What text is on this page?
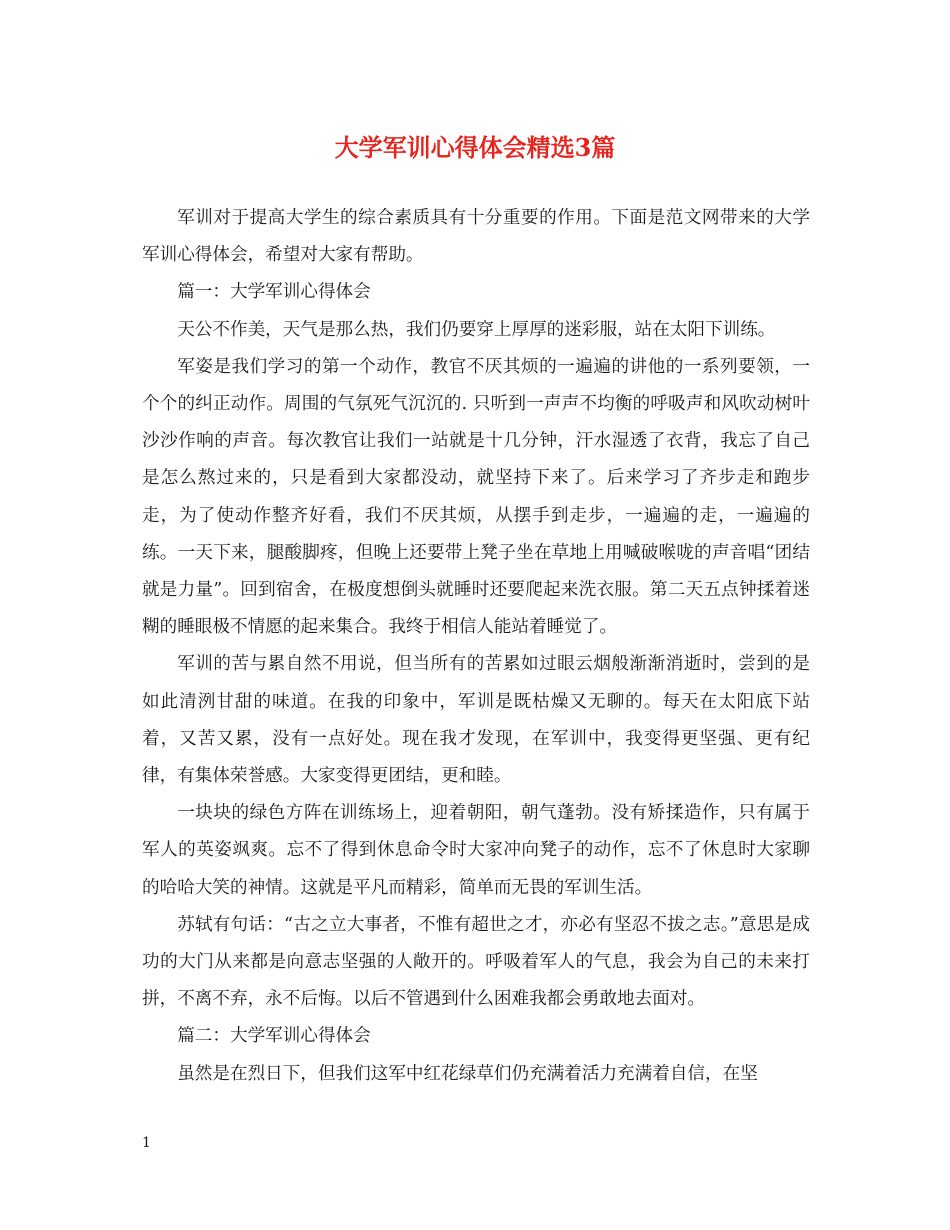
大学军训心得体会精选3篇

军训对于提高大学生的综合素质具有十分重要的作用。下面是范文网带来的大学军训心得体会，希望对大家有帮助。

篇一：大学军训心得体会

天公不作美，天气是那么热，我们仍要穿上厚厚的迷彩服，站在太阳下训练。

军姿是我们学习的第一个动作，教官不厌其烦的一遍遍的讲他的一系列要领，一个个的纠正动作。周围的气氛死气沉沉的. 只听到一声声不均衡的呼吸声和风吹动树叶沙沙作响的声音。每次教官让我们一站就是十几分钟，汗水湿透了衣背，我忘了自己是怎么熬过来的，只是看到大家都没动，就坚持下来了。后来学习了齐步走和跑步走，为了使动作整齐好看，我们不厌其烦，从摆手到走步，一遍遍的走，一遍遍的练。一天下来，腿酸脚疼，但晚上还要带上凳子坐在草地上用喊破喉咙的声音唱“团结就是力量”。回到宿舍，在极度想倒头就睡时还要爬起来洗衣服。第二天五点钟揉着迷糊的睡眼极不情愿的起来集合。我终于相信人能站着睡觉了。

军训的苦与累自然不用说，但当所有的苦累如过眼云烟般渐渐消逝时，尝到的是如此清洌甘甜的味道。在我的印象中，军训是既枯燥又无聊的。每天在太阳底下站着，又苦又累，没有一点好处。现在我才发现，在军训中，我变得更坚强、更有纪律，有集体荣誉感。大家变得更团结，更和睦。

一块块的绿色方阵在训练场上，迎着朝阳，朝气蓬勃。没有矫揉造作，只有属于军人的英姿飒爽。忘不了得到休息命令时大家冲向凳子的动作，忘不了休息时大家聊的哈哈大笑的神情。这就是平凡而精彩，简单而无畏的军训生活。

苏轼有句话：“古之立大事者，不惟有超世之才，亦必有坚忍不拔之志。”意思是成功的大门从来都是向意志坚强的人敞开的。呼吸着军人的气息，我会为自己的未来打拼，不离不弃，永不后悔。以后不管遇到什么困难我都会勇敢地去面对。

篇二：大学军训心得体会

虽然是在烈日下，但我们这军中红花绿草们仍充满着活力充满着自信，在坚

1
